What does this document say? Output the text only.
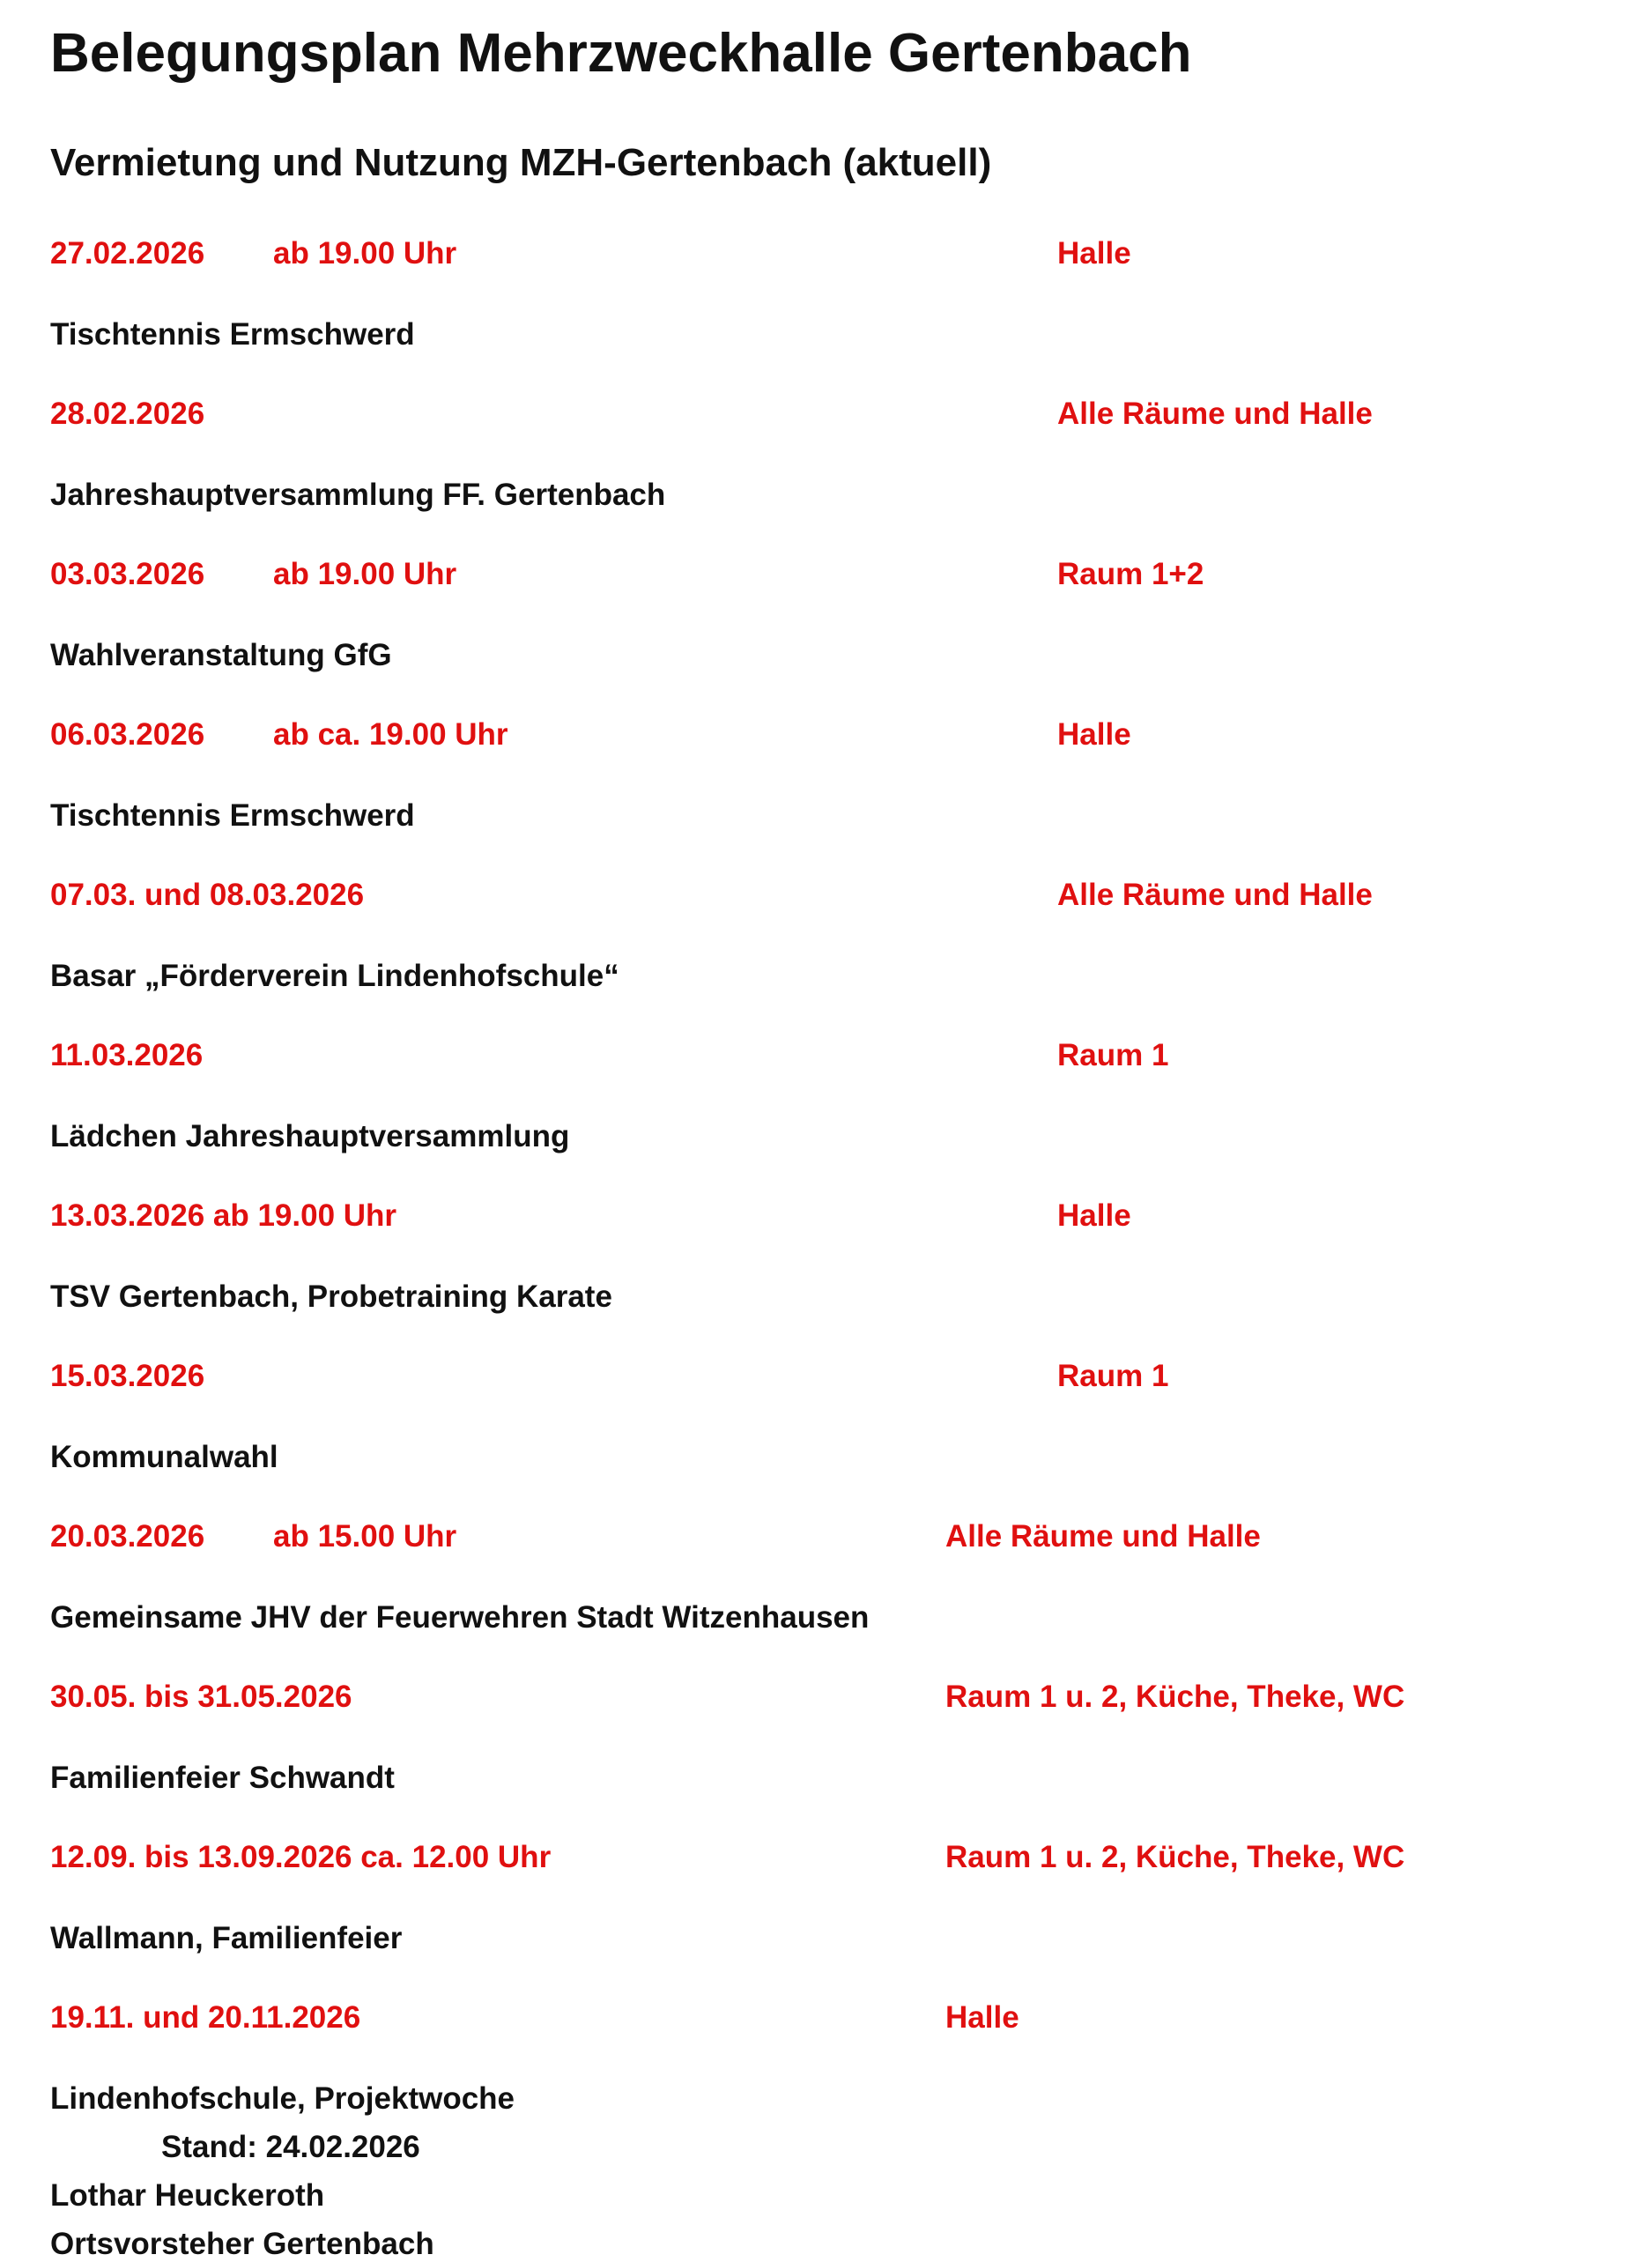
Belegungsplan Mehrzweckhalle Gertenbach
Vermietung und Nutzung MZH-Gertenbach (aktuell)
27.02.2026 ab 19.00 Uhr	Halle
Tischtennis Ermschwerd
28.02.2026	Alle Räume und Halle
Jahreshauptversammlung FF. Gertenbach
03.03.2026 ab 19.00 Uhr	Raum 1+2
Wahlveranstaltung GfG
06.03.2026 ab ca. 19.00 Uhr	Halle
Tischtennis Ermschwerd
07.03. und 08.03.2026	Alle Räume und Halle
Basar „Förderverein Lindenhofschule“
11.03.2026	Raum 1
Lädchen Jahreshauptversammlung
13.03.2026 ab 19.00 Uhr	Halle
TSV Gertenbach, Probetraining Karate
15.03.2026	Raum 1
Kommunalwahl
20.03.2026 ab 15.00 Uhr	Alle Räume und Halle
Gemeinsame JHV der Feuerwehren Stadt Witzenhausen
30.05. bis 31.05.2026	Raum 1 u. 2, Küche, Theke, WC
Familienfeier Schwandt
12.09. bis 13.09.2026 ca. 12.00 Uhr	Raum 1 u. 2, Küche, Theke, WC
Wallmann, Familienfeier
19.11. und 20.11.2026	Halle
Lindenhofschule, Projektwoche
Stand: 24.02.2026
Lothar Heuckeroth
Ortsvorsteher Gertenbach
